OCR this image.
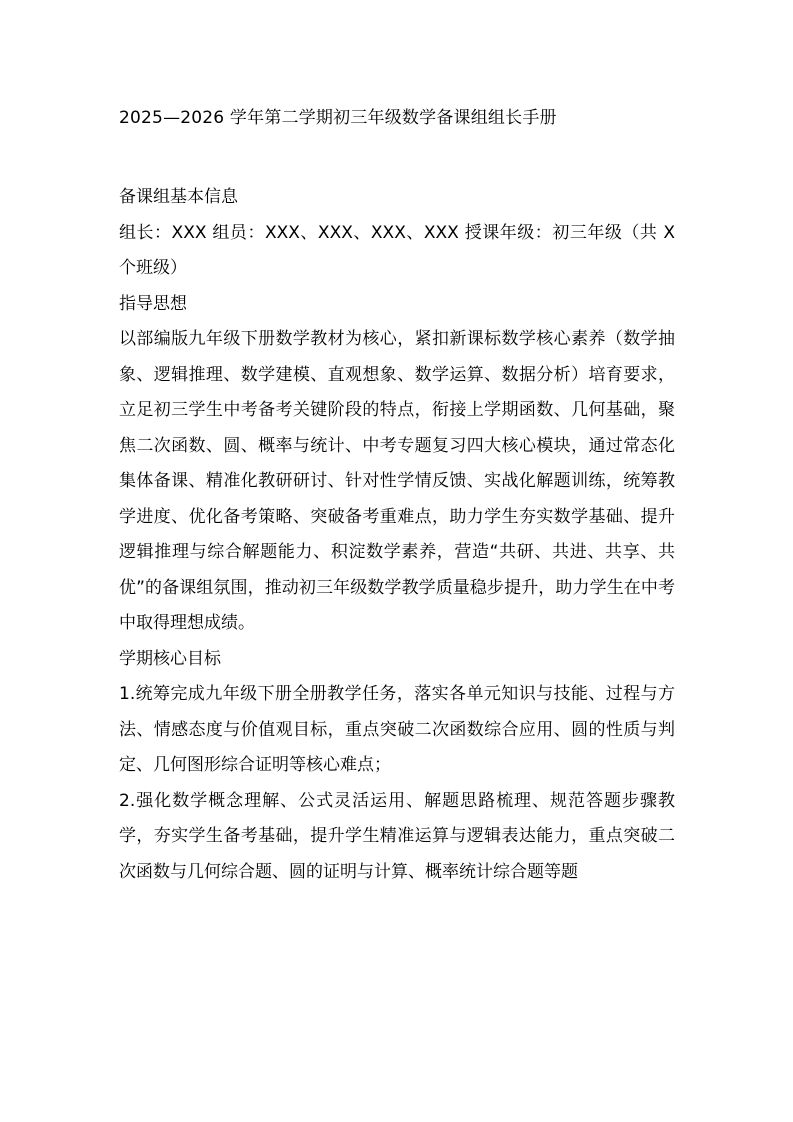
2025—2026 学年第二学期初三年级数学备课组组长手册

备课组基本信息

组长：XXX 组员：XXX、XXX、XXX、XXX 授课年级：初三年级（共 X 个班级）

指导思想

以部编版九年级下册数学教材为核心，紧扣新课标数学核心素养（数学抽象、逻辑推理、数学建模、直观想象、数学运算、数据分析）培育要求，立足初三学生中考备考关键阶段的特点，衔接上学期函数、几何基础，聚焦二次函数、圆、概率与统计、中考专题复习四大核心模块，通过常态化集体备课、精准化教研研讨、针对性学情反馈、实战化解题训练，统筹教学进度、优化备考策略、突破备考重难点，助力学生夯实数学基础、提升逻辑推理与综合解题能力、积淀数学素养，营造“共研、共进、共享、共优”的备课组氛围，推动初三年级数学教学质量稳步提升，助力学生在中考中取得理想成绩。

学期核心目标

1.统筹完成九年级下册全册教学任务，落实各单元知识与技能、过程与方法、情感态度与价值观目标，重点突破二次函数综合应用、圆的性质与判定、几何图形综合证明等核心难点；

2.强化数学概念理解、公式灵活运用、解题思路梳理、规范答题步骤教学，夯实学生备考基础，提升学生精准运算与逻辑表达能力，重点突破二次函数与几何综合题、圆的证明与计算、概率统计综合题等题
